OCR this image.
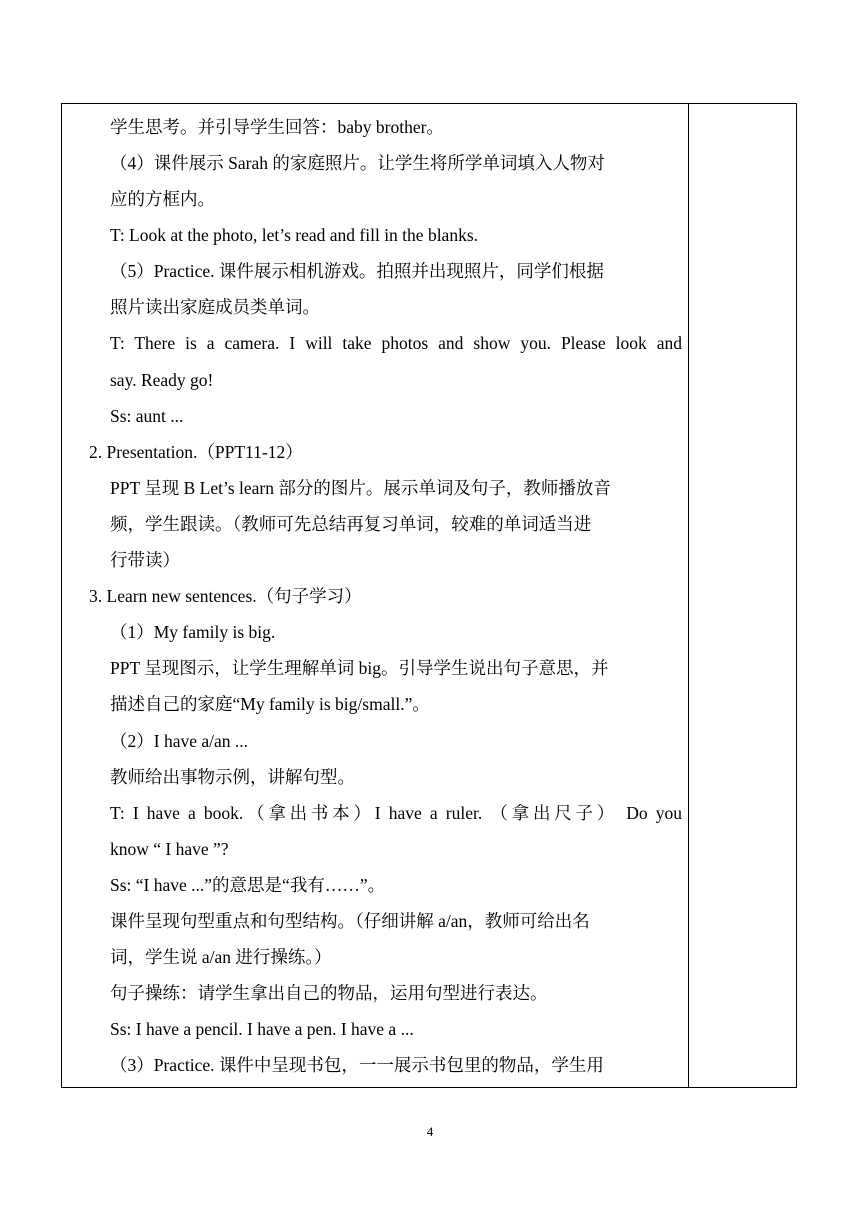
学生思考。并引导学生回答：baby brother。
（4）课件展示 Sarah 的家庭照片。让学生将所学单词填入人物对
应的方框内。
T: Look at the photo, let’s read and fill in the blanks.
（5）Practice. 课件展示相机游戏。拍照并出现照片，同学们根据
照片读出家庭成员类单词。
T: There is a camera. I will take photos and show you. Please look and
say. Ready go!
Ss: aunt ...
2. Presentation.（PPT11-12）
PPT 呈现 B Let’s learn 部分的图片。展示单词及句子，教师播放音
频，学生跟读。（教师可先总结再复习单词，较难的单词适当进
行带读）
3. Learn new sentences.（句子学习）
（1）My family is big.
PPT 呈现图示，让学生理解单词 big。引导学生说出句子意思，并
描述自己的家庭“My family is big/small.”。
（2）I have a/an ...
教师给出事物示例，讲解句型。
T: I have a book.（拿出书本）I have a ruler. （拿出尺子） Do you
know “ I have ”?
Ss: “I have ...”的意思是“我有……”。
课件呈现句型重点和句型结构。（仔细讲解 a/an，教师可给出名
词，学生说 a/an 进行操练。）
句子操练：请学生拿出自己的物品，运用句型进行表达。
Ss: I have a pencil. I have a pen. I have a ...
（3）Practice. 课件中呈现书包，一一展示书包里的物品，学生用
4
